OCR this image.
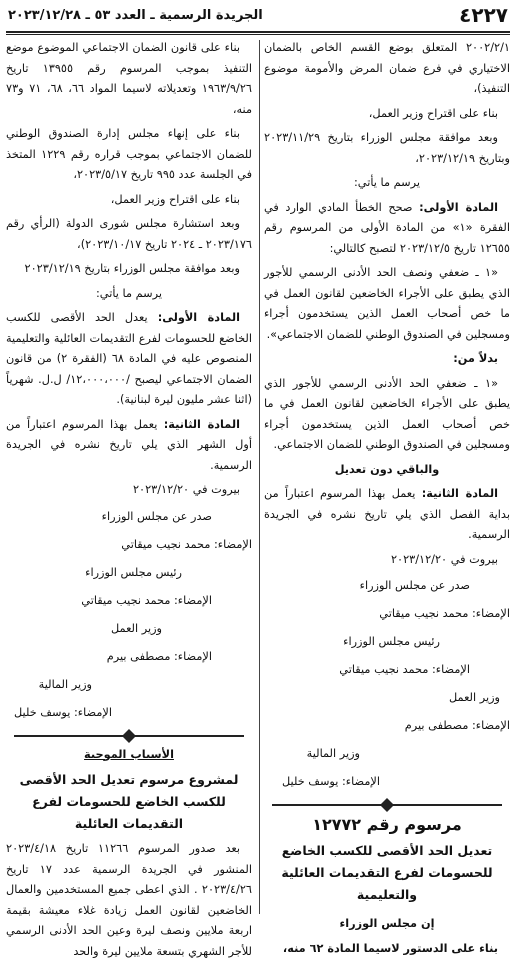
٤٢٢٧
الجريدة الرسمية ـ العدد ٥٣ ـ ٢٠٢٣/١٢/٢٨

٢٠٠٢/٢/١ المتعلق بوضع القسم الخاص بالضمان الاختياري في فرع ضمان المرض والأمومة موضوع التنفيذ)،

بناء على اقتراح وزير العمل،

وبعد موافقة مجلس الوزراء بتاريخ ٢٠٢٣/١١/٢٩ وبتاريخ ٢٠٢٣/١٢/١٩،

يرسم ما يأتي:

المادة الأولى: صحح الخطأ المادي الوارد في الفقرة «١» من المادة الأولى من المرسوم رقم ١٢٦٥٥ تاريخ ٢٠٢٣/١٢/٥ لتصبح كالتالي:

«١ ـ ضعفي ونصف الحد الأدنى الرسمي للأجور الذي يطبق على الأجراء الخاضعين لقانون العمل في ما خص أصحاب العمل الذين يستخدمون أجراء ومسجلين في الصندوق الوطني للضمان الاجتماعي».

بدلاً من:

«١ ـ ضعفي الحد الأدنى الرسمي للأجور الذي يطبق على الأجراء الخاضعين لقانون العمل في ما خص أصحاب العمل الذين يستخدمون أجراء ومسجلين في الصندوق الوطني للضمان الاجتماعي.

والباقي دون تعديل

المادة الثانية: يعمل بهذا المرسوم اعتباراً من بداية الفصل الذي يلي تاريخ نشره في الجريدة الرسمية.

بيروت في ٢٠٢٣/١٢/٢٠

صدر عن مجلس الوزراء

الإمضاء: محمد نجيب ميقاتي

رئيس مجلس الوزراء

الإمضاء: محمد نجيب ميقاتي

وزير العمل

الإمضاء: مصطفى بيرم

وزير المالية

الإمضاء: يوسف خليل

مرسوم رقم ١٢٧٧٢

تعديل الحد الأقصى للكسب الخاضع للحسومات لفرع التقديمات العائلية والتعليمية

إن مجلس الوزراء

بناء على الدستور لاسيما المادة ٦٢ منه،

بناء على قانون الضمان الاجتماعي الموضوع موضع التنفيذ بموجب المرسوم رقم ١٣٩٥٥ تاريخ ١٩٦٣/٩/٢٦ وتعديلاته لاسيما المواد ٦٦، ٦٨، ٧١ و٧٣ منه،

بناء على إنهاء مجلس إدارة الصندوق الوطني للضمان الاجتماعي بموجب قراره رقم ١٢٢٩ المتخذ في الجلسة عدد ٩٩٥ تاريخ ٢٠٢٣/٥/١٧،

بناء على اقتراح وزير العمل،

وبعد استشارة مجلس شورى الدولة (الرأي رقم ٢٠٢٣/١٧٦ ـ ٢٠٢٤ تاريخ ٢٠٢٣/١٠/١٧)،

وبعد موافقة مجلس الوزراء بتاريخ ٢٠٢٣/١٢/١٩

يرسم ما يأتي:

المادة الأولى: يعدل الحد الأقصى للكسب الخاضع للحسومات لفرع التقديمات العائلية والتعليمية المنصوص عليه في المادة ٦٨ (الفقرة ٢) من قانون الضمان الاجتماعي ليصبح /١٢،٠٠٠،٠٠٠/ ل.ل. شهرياً (اثنا عشر مليون ليرة لبنانية).

المادة الثانية: يعمل بهذا المرسوم اعتباراً من أول الشهر الذي يلي تاريخ نشره في الجريدة الرسمية.

بيروت في ٢٠٢٣/١٢/٢٠

صدر عن مجلس الوزراء

الإمضاء: محمد نجيب ميقاتي

رئيس مجلس الوزراء

الإمضاء: محمد نجيب ميقاتي

وزير العمل

الإمضاء: مصطفى بيرم

وزير المالية

الإمضاء: يوسف خليل

الأسباب الموجبة

لمشروع مرسوم تعديل الحد الأقصى للكسب الخاضع للحسومات لفرع التقديمات العائلية

بعد صدور المرسوم ١١٢٦٦ تاريخ ٢٠٢٣/٤/١٨ المنشور في الجريدة الرسمية عدد ١٧ تاريخ ٢٠٢٣/٤/٢٦ . الذي اعطى جميع المستخدمين والعمال الخاضعين لقانون العمل زيادة غلاء معيشة بقيمة اربعة ملايين ونصف ليرة وعين الحد الأدنى الرسمي للأجر الشهري بتسعة ملايين ليرة والحد
